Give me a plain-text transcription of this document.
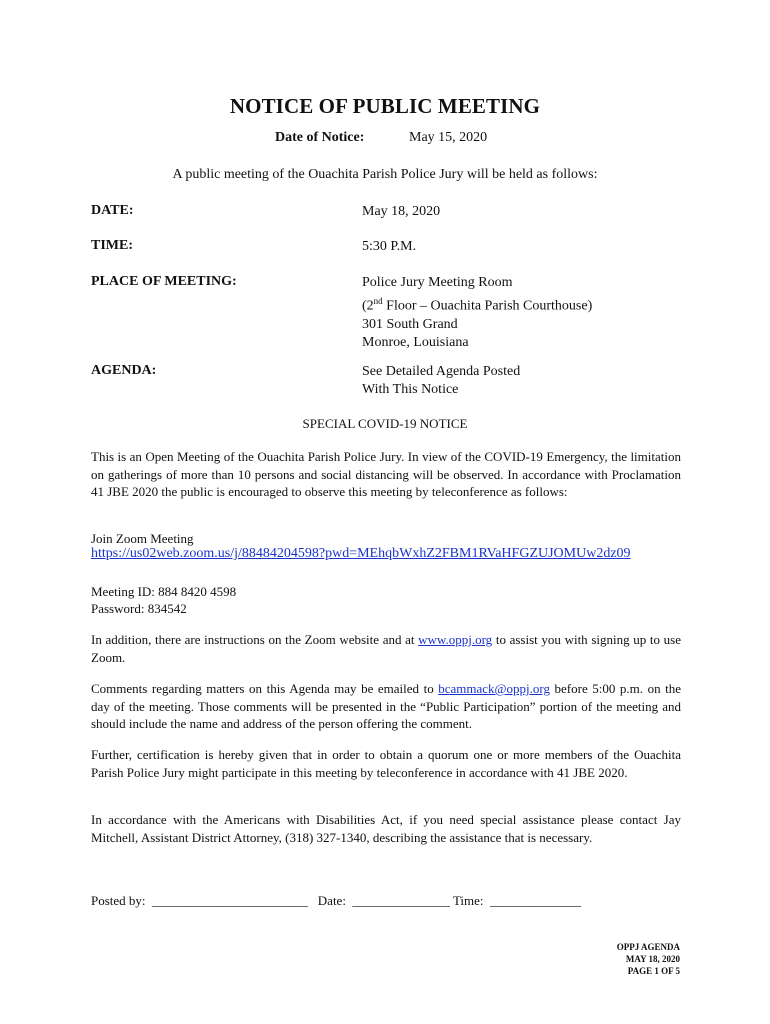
NOTICE OF PUBLIC MEETING
Date of Notice:	May 15, 2020
A public meeting of the Ouachita Parish Police Jury will be held as follows:
DATE:	May 18, 2020
TIME:	5:30 P.M.
PLACE OF MEETING:	Police Jury Meeting Room
(2nd Floor – Ouachita Parish Courthouse)
301 South Grand
Monroe, Louisiana
AGENDA:	See Detailed Agenda Posted
With This Notice
SPECIAL COVID-19 NOTICE
This is an Open Meeting of the Ouachita Parish Police Jury. In view of the COVID-19 Emergency, the limitation on gatherings of more than 10 persons and social distancing will be observed. In accordance with Proclamation 41 JBE 2020 the public is encouraged to observe this meeting by teleconference as follows:
Join Zoom Meeting
https://us02web.zoom.us/j/88484204598?pwd=MEhqbWxhZ2FBM1RVaHFGZUJOMUw2dz09
Meeting ID: 884 8420 4598
Password: 834542
In addition, there are instructions on the Zoom website and at www.oppj.org to assist you with signing up to use Zoom.
Comments regarding matters on this Agenda may be emailed to bcammack@oppj.org before 5:00 p.m. on the day of the meeting. Those comments will be presented in the “Public Participation” portion of the meeting and should include the name and address of the person offering the comment.
Further, certification is hereby given that in order to obtain a quorum one or more members of the Ouachita Parish Police Jury might participate in this meeting by teleconference in accordance with 41 JBE 2020.
In accordance with the Americans with Disabilities Act, if you need special assistance please contact Jay Mitchell, Assistant District Attorney, (318) 327-1340, describing the assistance that is necessary.
Posted by:  ________________________   Date:  _______________ Time:  ______________
OPPJ AGENDA
MAY 18, 2020
PAGE 1 OF 5
